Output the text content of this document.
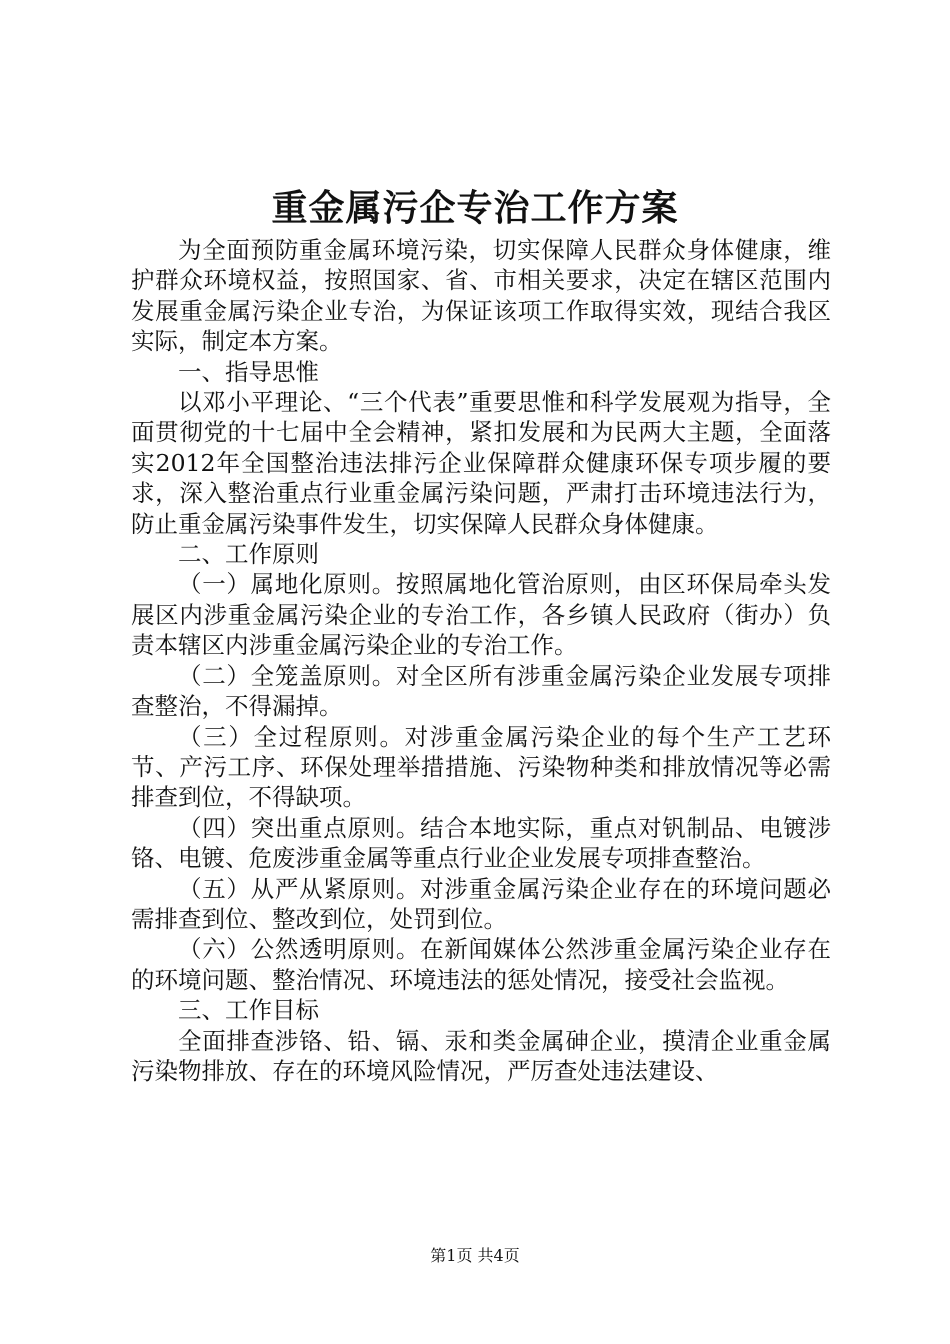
重金属污企专治工作方案

为全面预防重金属环境污染，切实保障人民群众身体健康，维护群众环境权益，按照国家、省、市相关要求，决定在辖区范围内发展重金属污染企业专治，为保证该项工作取得实效，现结合我区实际，制定本方案。

一、指导思惟

以邓小平理论、“三个代表”重要思惟和科学发展观为指导，全面贯彻党的十七届中全会精神，紧扣发展和为民两大主题，全面落实2012年全国整治违法排污企业保障群众健康环保专项步履的要求，深入整治重点行业重金属污染问题，严肃打击环境违法行为，防止重金属污染事件发生，切实保障人民群众身体健康。

二、工作原则

（一）属地化原则。按照属地化管治原则，由区环保局牵头发展区内涉重金属污染企业的专治工作，各乡镇人民政府（街办）负责本辖区内涉重金属污染企业的专治工作。

（二）全笼盖原则。对全区所有涉重金属污染企业发展专项排查整治，不得漏掉。

（三）全过程原则。对涉重金属污染企业的每个生产工艺环节、产污工序、环保处理举措措施、污染物种类和排放情况等必需排查到位，不得缺项。

（四）突出重点原则。结合本地实际，重点对钒制品、电镀涉铬、电镀、危废涉重金属等重点行业企业发展专项排查整治。

（五）从严从紧原则。对涉重金属污染企业存在的环境问题必需排查到位、整改到位，处罚到位。

（六）公然透明原则。在新闻媒体公然涉重金属污染企业存在的环境问题、整治情况、环境违法的惩处情况，接受社会监视。

三、工作目标

全面排查涉铬、铅、镉、汞和类金属砷企业，摸清企业重金属污染物排放、存在的环境风险情况，严厉查处违法建设、

第1页 共4页
